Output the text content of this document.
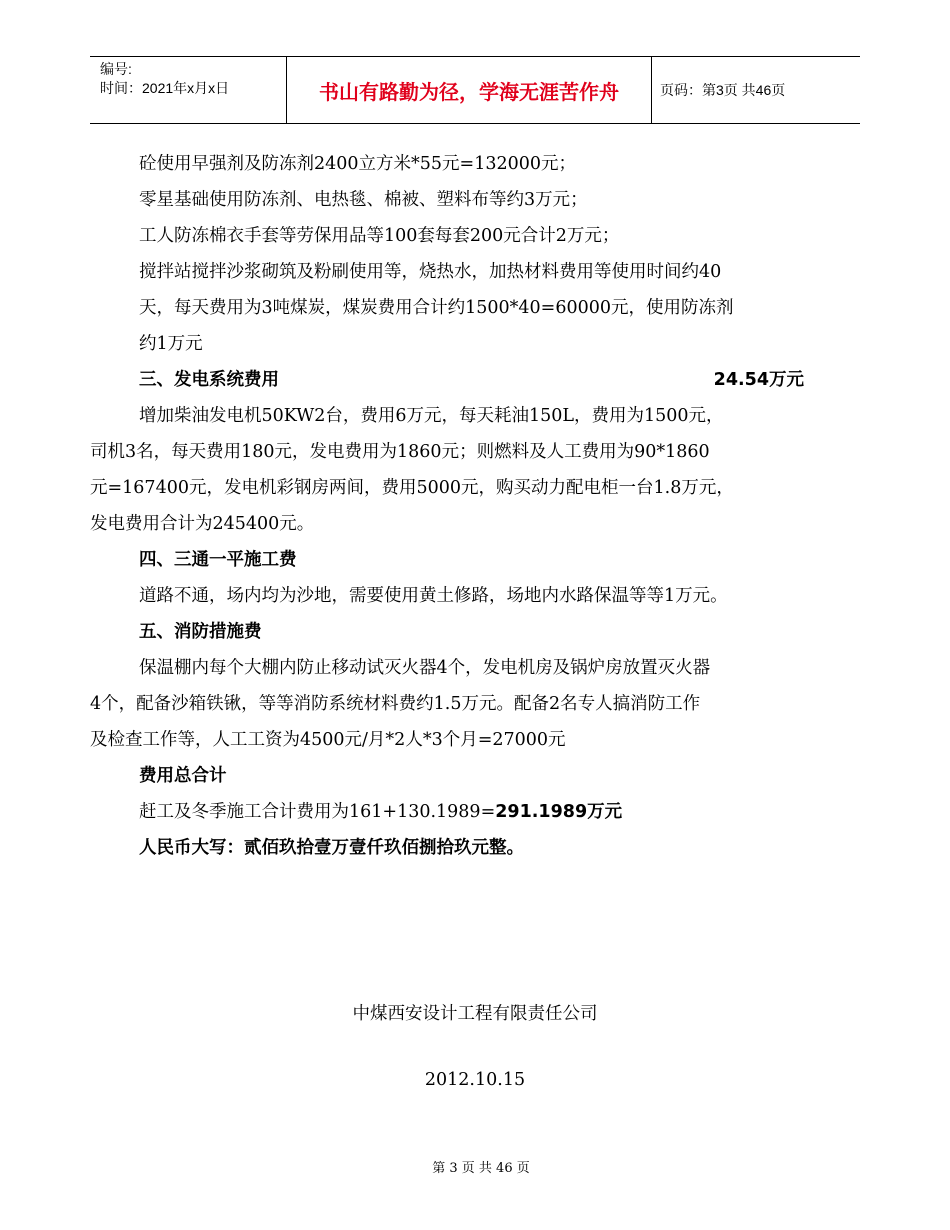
编号:
时间：2021年x月x日	书山有路勤为径，学海无涯苦作舟	页码：第3页 共46页

砼使用早强剂及防冻剂2400立方米*55元=132000元；

零星基础使用防冻剂、电热毯、棉被、塑料布等约3万元；

工人防冻棉衣手套等劳保用品等100套每套200元合计2万元；

搅拌站搅拌沙浆砌筑及粉刷使用等，烧热水，加热材料费用等使用时间约40

天，每天费用为3吨煤炭，煤炭费用合计约1500*40=60000元，使用防冻剂

约1万元

三、发电系统费用	24.54万元

增加柴油发电机50KW2台，费用6万元，每天耗油150L，费用为1500元，

司机3名，每天费用180元，发电费用为1860元；则燃料及人工费用为90*1860

元=167400元，发电机彩钢房两间，费用5000元，购买动力配电柜一台1.8万元，

发电费用合计为245400元。

四、三通一平施工费

道路不通，场内均为沙地，需要使用黄土修路，场地内水路保温等等1万元。

五、消防措施费

保温棚内每个大棚内防止移动试灭火器4个，发电机房及锅炉房放置灭火器

4个，配备沙箱铁锹，等等消防系统材料费约1.5万元。配备2名专人搞消防工作

及检查工作等，人工工资为4500元/月*2人*3个月=27000元

费用总合计

赶工及冬季施工合计费用为161+130.1989=291.1989万元

人民币大写：贰佰玖拾壹万壹仟玖佰捌拾玖元整。

中煤西安设计工程有限责任公司
2012.10.15
第 3 页 共 46 页
